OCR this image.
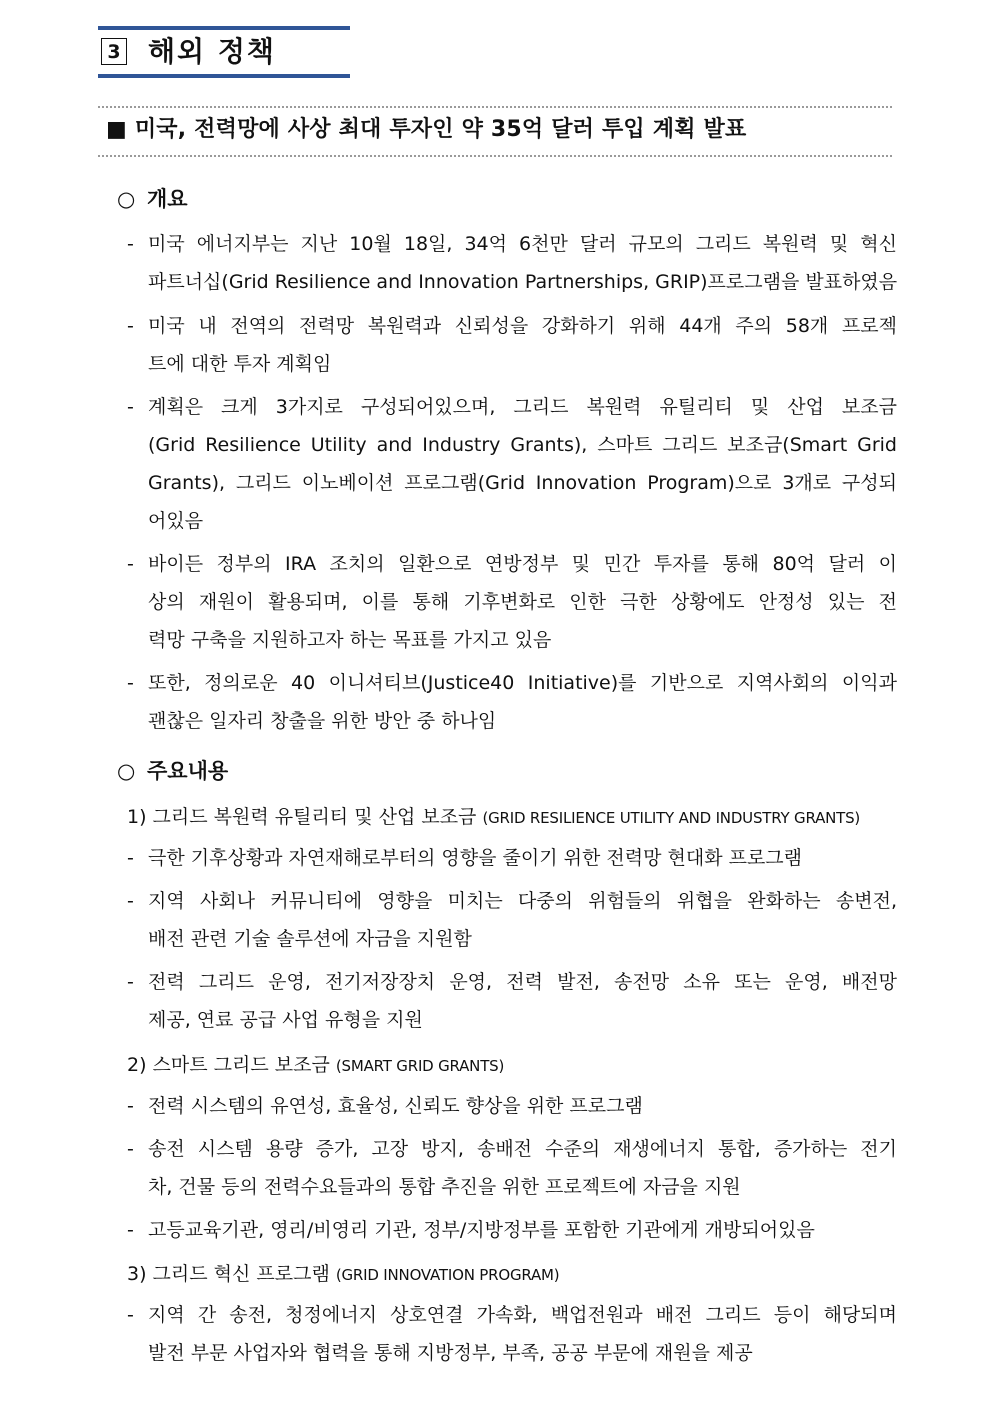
3 해외 정책
■ 미국, 전력망에 사상 최대 투자인 약 35억 달러 투입 계획 발표
○ 개요
- 미국 에너지부는 지난 10월 18일, 34억 6천만 달러 규모의 그리드 복원력 및 혁신
파트너십(Grid Resilience and Innovation Partnerships, GRIP)프로그램을 발표하였음
- 미국 내 전역의 전력망 복원력과 신뢰성을 강화하기 위해 44개 주의 58개 프로젝
트에 대한 투자 계획임
- 계획은 크게 3가지로 구성되어있으며, 그리드 복원력 유틸리티 및 산업 보조금
(Grid Resilience Utility and Industry Grants), 스마트 그리드 보조금(Smart Grid
Grants), 그리드 이노베이션 프로그램(Grid Innovation Program)으로 3개로 구성되
어있음
- 바이든 정부의 IRA 조치의 일환으로 연방정부 및 민간 투자를 통해 80억 달러 이
상의 재원이 활용되며, 이를 통해 기후변화로 인한 극한 상황에도 안정성 있는 전
력망 구축을 지원하고자 하는 목표를 가지고 있음
- 또한, 정의로운 40 이니셔티브(Justice40 Initiative)를 기반으로 지역사회의 이익과
괜찮은 일자리 창출을 위한 방안 중 하나임
○ 주요내용
1) 그리드 복원력 유틸리티 및 산업 보조금 (GRID RESILIENCE UTILITY AND INDUSTRY GRANTS)
- 극한 기후상황과 자연재해로부터의 영향을 줄이기 위한 전력망 현대화 프로그램
- 지역 사회나 커뮤니티에 영향을 미치는 다중의 위험들의 위협을 완화하는 송변전,
배전 관련 기술 솔루션에 자금을 지원함
- 전력 그리드 운영, 전기저장장치 운영, 전력 발전, 송전망 소유 또는 운영, 배전망
제공, 연료 공급 사업 유형을 지원
2) 스마트 그리드 보조금 (SMART GRID GRANTS)
- 전력 시스템의 유연성, 효율성, 신뢰도 향상을 위한 프로그램
- 송전 시스템 용량 증가, 고장 방지, 송배전 수준의 재생에너지 통합, 증가하는 전기
차, 건물 등의 전력수요들과의 통합 추진을 위한 프로젝트에 자금을 지원
- 고등교육기관, 영리/비영리 기관, 정부/지방정부를 포함한 기관에게 개방되어있음
3) 그리드 혁신 프로그램 (GRID INNOVATION PROGRAM)
- 지역 간 송전, 청정에너지 상호연결 가속화, 백업전원과 배전 그리드 등이 해당되며
발전 부문 사업자와 협력을 통해 지방정부, 부족, 공공 부문에 재원을 제공
